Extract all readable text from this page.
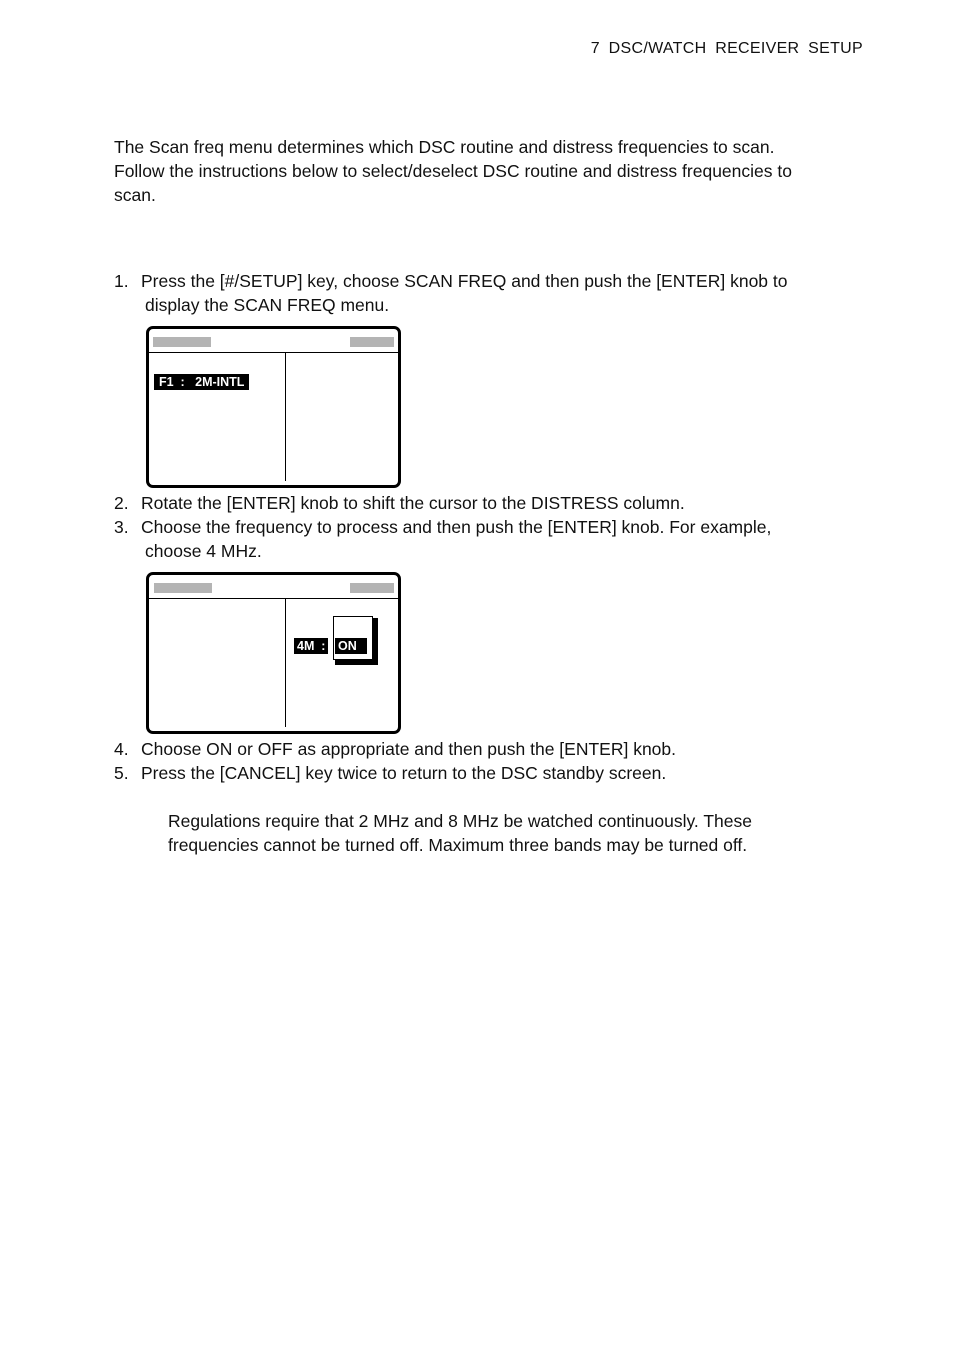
7 DSC/WATCH RECEIVER SETUP
The Scan freq menu determines which DSC routine and distress frequencies to scan.
Follow the instructions below to select/deselect DSC routine and distress frequencies to
scan.
1. Press the [#/SETUP] key, choose SCAN FREQ and then push the [ENTER] knob to
display the SCAN FREQ menu.
F1  :   2M-INTL
2. Rotate the [ENTER] knob to shift the cursor to the DISTRESS column.
3. Choose the frequency to process and then push the [ENTER] knob. For example,
choose 4 MHz.
4M  : ON
4. Choose ON or OFF as appropriate and then push the [ENTER] knob.
5. Press the [CANCEL] key twice to return to the DSC standby screen.
Regulations require that 2 MHz and 8 MHz be watched continuously. These
frequencies cannot be turned off. Maximum three bands may be turned off.
